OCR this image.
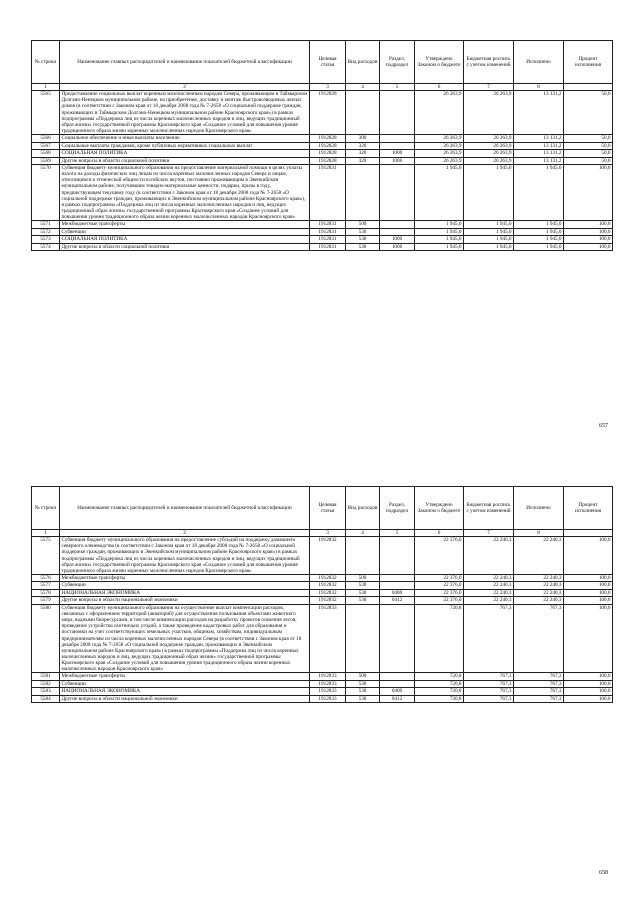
№ строки	Наименование главных распорядителей и наименование показателей бюджетной классификации	Целевая статья	Вид расходов	Раздел, подраздел	Утверждено Законом о бюджете	Бюджетная роспись с учетом изменений	Исполнено	Процент исполнения
1	2	3	4	5	6	7	8	
5565	Предоставление социальных выплат коренным малочисленным народам Севера, проживающим в Таймырском Долгано-Ненецком муниципальном районе, на приобретение, доставку и монтаж быстровозводимых жилых домов (в соответствии с Законом края от 18 декабря 2008 года № 7-2658 «О социальной поддержке граждан, проживающих в Таймырском Долгано-Ненецком муниципальном районе Красноярского края») в рамках подпрограммы «Поддержка лиц из числа коренных малочисленных народов и лиц, ведущих традиционный образ жизни» государственной программы Красноярского края «Создание условий для повышения уровня традиционного образа жизни коренных малочисленных народов Красноярского края»	1912828			26 263,9	26 263,9	13 131,2	50,0
5566	Социальное обеспечение и иные выплаты населению	1912828	300		26 263,9	26 263,9	13 131,2	50,0
5567	Социальные выплаты гражданам, кроме публичных нормативных социальных выплат	1912828	320		26 263,9	26 263,9	13 131,2	50,0
5568	СОЦИАЛЬНАЯ ПОЛИТИКА	1912828	320	1000	26 263,9	26 263,9	13 131,2	50,0
5569	Другие вопросы в области социальной политики	1912828	320	1006	26 263,9	26 263,9	13 131,2	50,0
5570	Субвенция бюджету муниципального образования на предоставление материальной помощи в целях уплаты налога на доходы физических лиц лицам из числа коренных малочисленных народов Севера и лицам, относящимся к этнической общности ессейских якутов, постоянно проживающим в Эвенкийском муниципальном районе, получившим товарно-материальные ценности, подарки, призы в году, предшествующем текущему году (в соответствии с Законом края от 18 декабря 2008 года № 7-2658 «О социальной поддержке граждан, проживающих в Эвенкийском муниципальном районе Красноярского края»), в рамках подпрограммы «Поддержка лиц из числа коренных малочисленных народов и лиц, ведущих традиционный образ жизни» государственной программы Красноярского края «Создание условий для повышения уровня традиционного образа жизни коренных малочисленных народов Красноярского края»	1912831			1 945,0	1 945,0	1 945,0	100,0
5571	Межбюджетные трансферты	1912831	500		1 945,0	1 945,0	1 945,0	100,0
5572	Субвенции	1912831	530		1 945,0	1 945,0	1 945,0	100,0
5573	СОЦИАЛЬНАЯ ПОЛИТИКА	1912831	530	1000	1 945,0	1 945,0	1 945,0	100,0
5574	Другие вопросы в области социальной политики	1912831	530	1006	1 945,0	1 945,0	1 945,0	100,0
657
№ строки	Наименование главных распорядителей и наименование показателей бюджетной классификации	Целевая статья	Вид расходов	Раздел, подраздел	Утверждено Законом о бюджете	Бюджетная роспись с учетом изменений	Исполнено	Процент исполнения
1	2	3	4	5	6	7	8	
5575	Субвенция бюджету муниципального образования на предоставление субсидий на поддержку домашнего северного оленеводства (в соответствии с Законом края от 18 декабря 2008 года № 7-2658 «О социальной поддержке граждан, проживающих в Эвенкийском муниципальном районе Красноярского края») в рамках подпрограммы «Поддержка лиц из числа коренных малочисленных народов и лиц, ведущих традиционный образ жизни» государственной программы Красноярского края «Создание условий для повышения уровня традиционного образа жизни коренных малочисленных народов Красноярского края»	1912832			22 376,0	22 240,3	22 240,3	100,0
5576	Межбюджетные трансферты	1912832	500		22 376,0	22 240,3	22 240,3	100,0
5577	Субвенции	1912832	530		22 376,0	22 240,3	22 240,3	100,0
5578	НАЦИОНАЛЬНАЯ ЭКОНОМИКА	1912832	530	0400	22 376,0	22 240,3	22 240,3	100,0
5579	Другие вопросы в области национальной экономики	1912832	530	0412	22 376,0	22 240,3	22 240,3	100,0
5580	Субвенция бюджету муниципального образования на осуществление выплат компенсации расходов, связанных с оформлением территорий (акваторий) для осуществления пользования объектами животного мира, водными биоресурсами, в том числе компенсации расходов на разработку проектов освоения лесов, проведение устройства охотничьих угодий, а также проведение кадастровых работ для образования и постановки на учет соответствующих земельных участков, общинам, хозяйствам, индивидуальным предпринимателям из числа коренных малочисленных народов Севера (в соответствии с Законом края от 18 декабря 2008 года № 7-2658 «О социальной поддержке граждан, проживающих в Эвенкийском муниципальном районе Красноярского края») в рамках подпрограммы «Поддержка лиц из числа коренных малочисленных народов и лиц, ведущих традиционный образ жизни» государственной программы Красноярского края «Создание условий для повышения уровня традиционного образа жизни коренных малочисленных народов Красноярского края»	1912833			720,8	767,3	767,3	100,0
5581	Межбюджетные трансферты	1912833	500		720,8	767,3	767,3	100,0
5582	Субвенции	1912833	530		720,8	767,3	767,3	100,0
5583	НАЦИОНАЛЬНАЯ ЭКОНОМИКА	1912833	530	0400	720,8	767,3	767,3	100,0
5584	Другие вопросы в области национальной экономики	1912833	530	0412	720,8	767,3	767,3	100,0
658
